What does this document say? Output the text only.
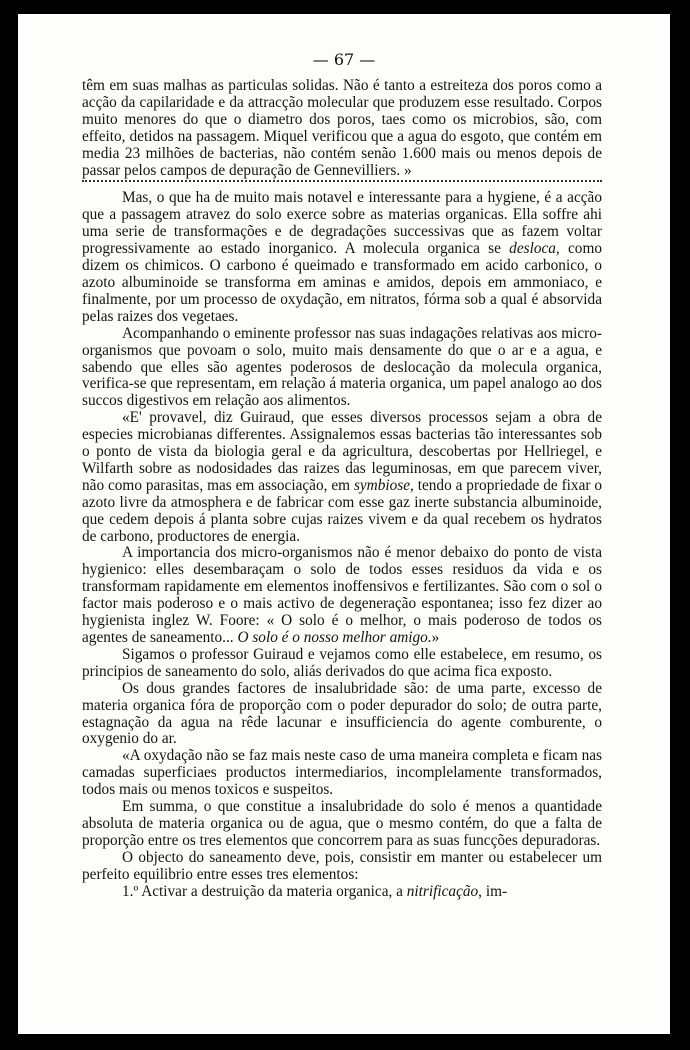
— 67 —

têm em suas malhas as particulas solidas. Não é tanto a estreiteza dos poros como a acção da capilaridade e da attracção molecular que produzem esse resultado. Corpos muito menores do que o diametro dos poros, taes como os microbios, são, com effeito, detidos na passagem. Miquel verificou que a agua do esgoto, que contém em media 23 milhões de bacterias, não contém senão 1.600 mais ou menos depois de passar pelos campos de depuração de Gennevilliers. »

Mas, o que ha de muito mais notavel e interessante para a hygiene, é a acção que a passagem atravez do solo exerce sobre as materias organicas. Ella soffre ahi uma serie de transformações e de degradações successivas que as fazem voltar progressivamente ao estado inorganico. A molecula organica se desloca, como dizem os chimicos. O carbono é queimado e transformado em acido carbonico, o azoto albuminoide se transforma em aminas e amidos, depois em ammoniaco, e finalmente, por um processo de oxydação, em nitratos, fórma sob a qual é absorvida pelas raizes dos vegetaes.

Acompanhando o eminente professor nas suas indagações relativas aos micro-organismos que povoam o solo, muito mais densamente do que o ar e a agua, e sabendo que elles são agentes poderosos de deslocação da molecula organica, verifica-se que representam, em relação á materia organica, um papel analogo ao dos succos digestivos em relação aos alimentos.

«E' provavel, diz Guiraud, que esses diversos processos sejam a obra de especies microbianas differentes. Assignalemos essas bacterias tão interessantes sob o ponto de vista da biologia geral e da agricultura, descobertas por Hellriegel, e Wilfarth sobre as nodosidades das raizes das leguminosas, em que parecem viver, não como parasitas, mas em associação, em symbiose, tendo a propriedade de fixar o azoto livre da atmosphera e de fabricar com esse gaz inerte substancia albuminoide, que cedem depois á planta sobre cujas raizes vivem e da qual recebem os hydratos de carbono, productores de energia.

A importancia dos micro-organismos não é menor debaixo do ponto de vista hygienico: elles desembaraçam o solo de todos esses residuos da vida e os transformam rapidamente em elementos inoffensivos e fertilizantes. São com o sol o factor mais poderoso e o mais activo de degeneração espontanea; isso fez dizer ao hygienista inglez W. Foore: « O solo é o melhor, o mais poderoso de todos os agentes de saneamento... O solo é o nosso melhor amigo.»

Sigamos o professor Guiraud e vejamos como elle estabelece, em resumo, os principios de saneamento do solo, aliás derivados do que acima fica exposto.

Os dous grandes factores de insalubridade são: de uma parte, excesso de materia organica fóra de proporção com o poder depurador do solo; de outra parte, estagnação da agua na rêde lacunar e insufficiencia do agente comburente, o oxygenio do ar.

«A oxydação não se faz mais neste caso de uma maneira completa e ficam nas camadas superficiaes productos intermediarios, incomplelamente transformados, todos mais ou menos toxicos e suspeitos.

Em summa, o que constitue a insalubridade do solo é menos a quantidade absoluta de materia organica ou de agua, que o mesmo contém, do que a falta de proporção entre os tres elementos que concorrem para as suas funcções depuradoras.

O objecto do saneamento deve, pois, consistir em manter ou estabelecer um perfeito equilibrio entre esses tres elementos:

1.º Activar a destruição da materia organica, a nitrificação, im-
